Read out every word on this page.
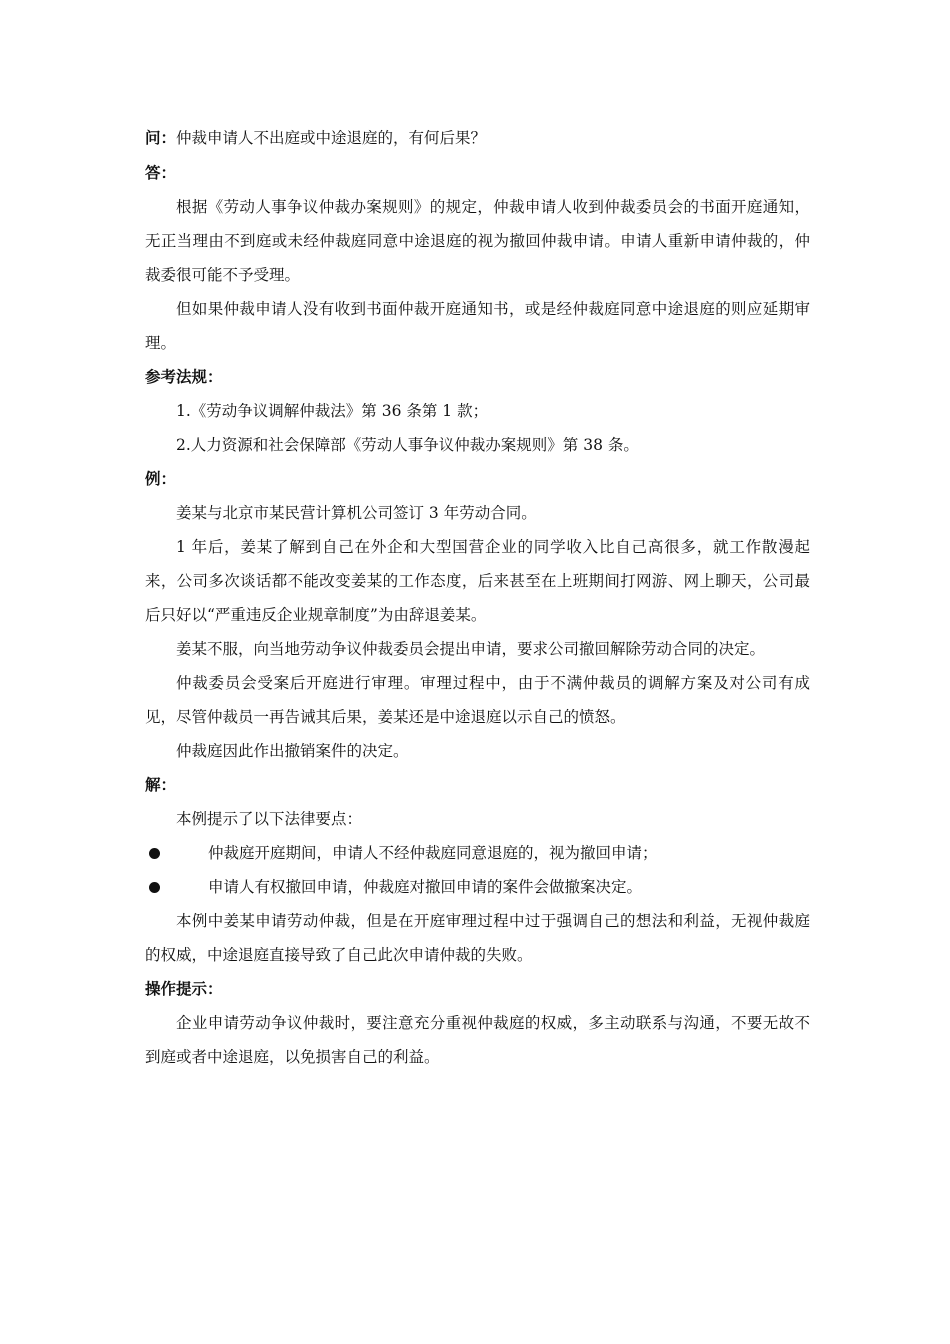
问：仲裁申请人不出庭或中途退庭的，有何后果？

答：

根据《劳动人事争议仲裁办案规则》的规定，仲裁申请人收到仲裁委员会的书面开庭通知，无正当理由不到庭或未经仲裁庭同意中途退庭的视为撤回仲裁申请。申请人重新申请仲裁的，仲裁委很可能不予受理。

但如果仲裁申请人没有收到书面仲裁开庭通知书，或是经仲裁庭同意中途退庭的则应延期审理。

参考法规：

1.《劳动争议调解仲裁法》第 36 条第 1 款；

2.人力资源和社会保障部《劳动人事争议仲裁办案规则》第 38 条。

例：

姜某与北京市某民营计算机公司签订 3 年劳动合同。

1 年后，姜某了解到自己在外企和大型国营企业的同学收入比自己高很多，就工作散漫起来，公司多次谈话都不能改变姜某的工作态度，后来甚至在上班期间打网游、网上聊天，公司最后只好以“严重违反企业规章制度”为由辞退姜某。

姜某不服，向当地劳动争议仲裁委员会提出申请，要求公司撤回解除劳动合同的决定。

仲裁委员会受案后开庭进行审理。审理过程中，由于不满仲裁员的调解方案及对公司有成见，尽管仲裁员一再告诫其后果，姜某还是中途退庭以示自己的愤怒。

仲裁庭因此作出撤销案件的决定。

解：

本例提示了以下法律要点：

仲裁庭开庭期间，申请人不经仲裁庭同意退庭的，视为撤回申请；
申请人有权撤回申请，仲裁庭对撤回申请的案件会做撤案决定。

本例中姜某申请劳动仲裁，但是在开庭审理过程中过于强调自己的想法和利益，无视仲裁庭的权威，中途退庭直接导致了自己此次申请仲裁的失败。

操作提示：

企业申请劳动争议仲裁时，要注意充分重视仲裁庭的权威，多主动联系与沟通，不要无故不到庭或者中途退庭，以免损害自己的利益。
